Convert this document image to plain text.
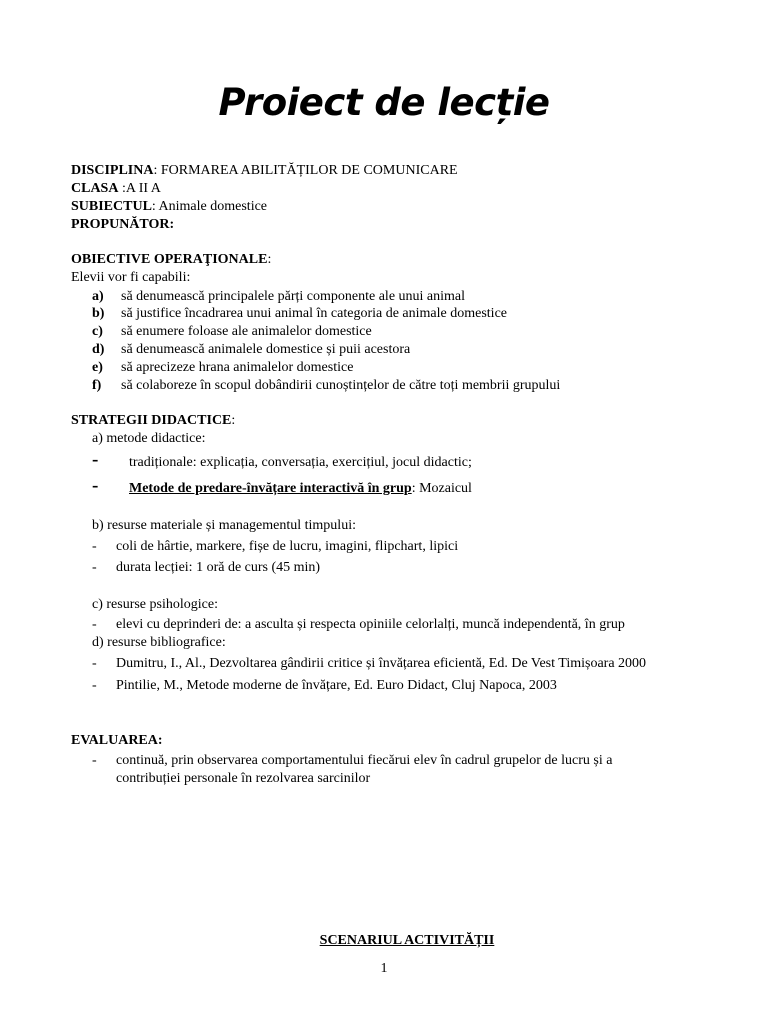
Proiect de lecție
DISCIPLINA: FORMAREA ABILITĂȚILOR DE COMUNICARE
CLASA :A II A
SUBIECTUL: Animale domestice
PROPUNĂTOR:
OBIECTIVE OPERAŢIONALE:
Elevii vor fi capabili:
a) să denumească principalele părți componente ale unui animal
b) să justifice încadrarea unui animal în categoria de animale domestice
c) să enumere foloase ale animalelor domestice
d) să denumească animalele domestice și puii acestora
e) să aprecizeze hrana animalelor domestice
f) să colaboreze în scopul dobândirii cunoștințelor de către toți membrii grupului
STRATEGII DIDACTICE:
a) metode didactice:
- tradiționale: explicația, conversația, exercițiul, jocul didactic;
- Metode de predare-învățare interactivă în grup: Mozaicul
b) resurse materiale și managementul timpului:
- coli de hârtie, markere, fișe de lucru, imagini, flipchart, lipici
- durata lecției: 1 oră de curs (45 min)
c) resurse psihologice:
- elevi cu deprinderi de: a asculta și respecta opiniile celorlalți, muncă independentă, în grup
d) resurse bibliografice:
- Dumitru, I., Al., Dezvoltarea gândirii critice și învățarea eficientă, Ed. De Vest Timișoara 2000
- Pintilie, M., Metode moderne de învățare, Ed. Euro Didact, Cluj Napoca, 2003
EVALUAREA:
- continuă, prin observarea comportamentului fiecărui elev în cadrul grupelor de lucru și a
contribuției personale în rezolvarea sarcinilor
SCENARIUL ACTIVITĂȚII
1
